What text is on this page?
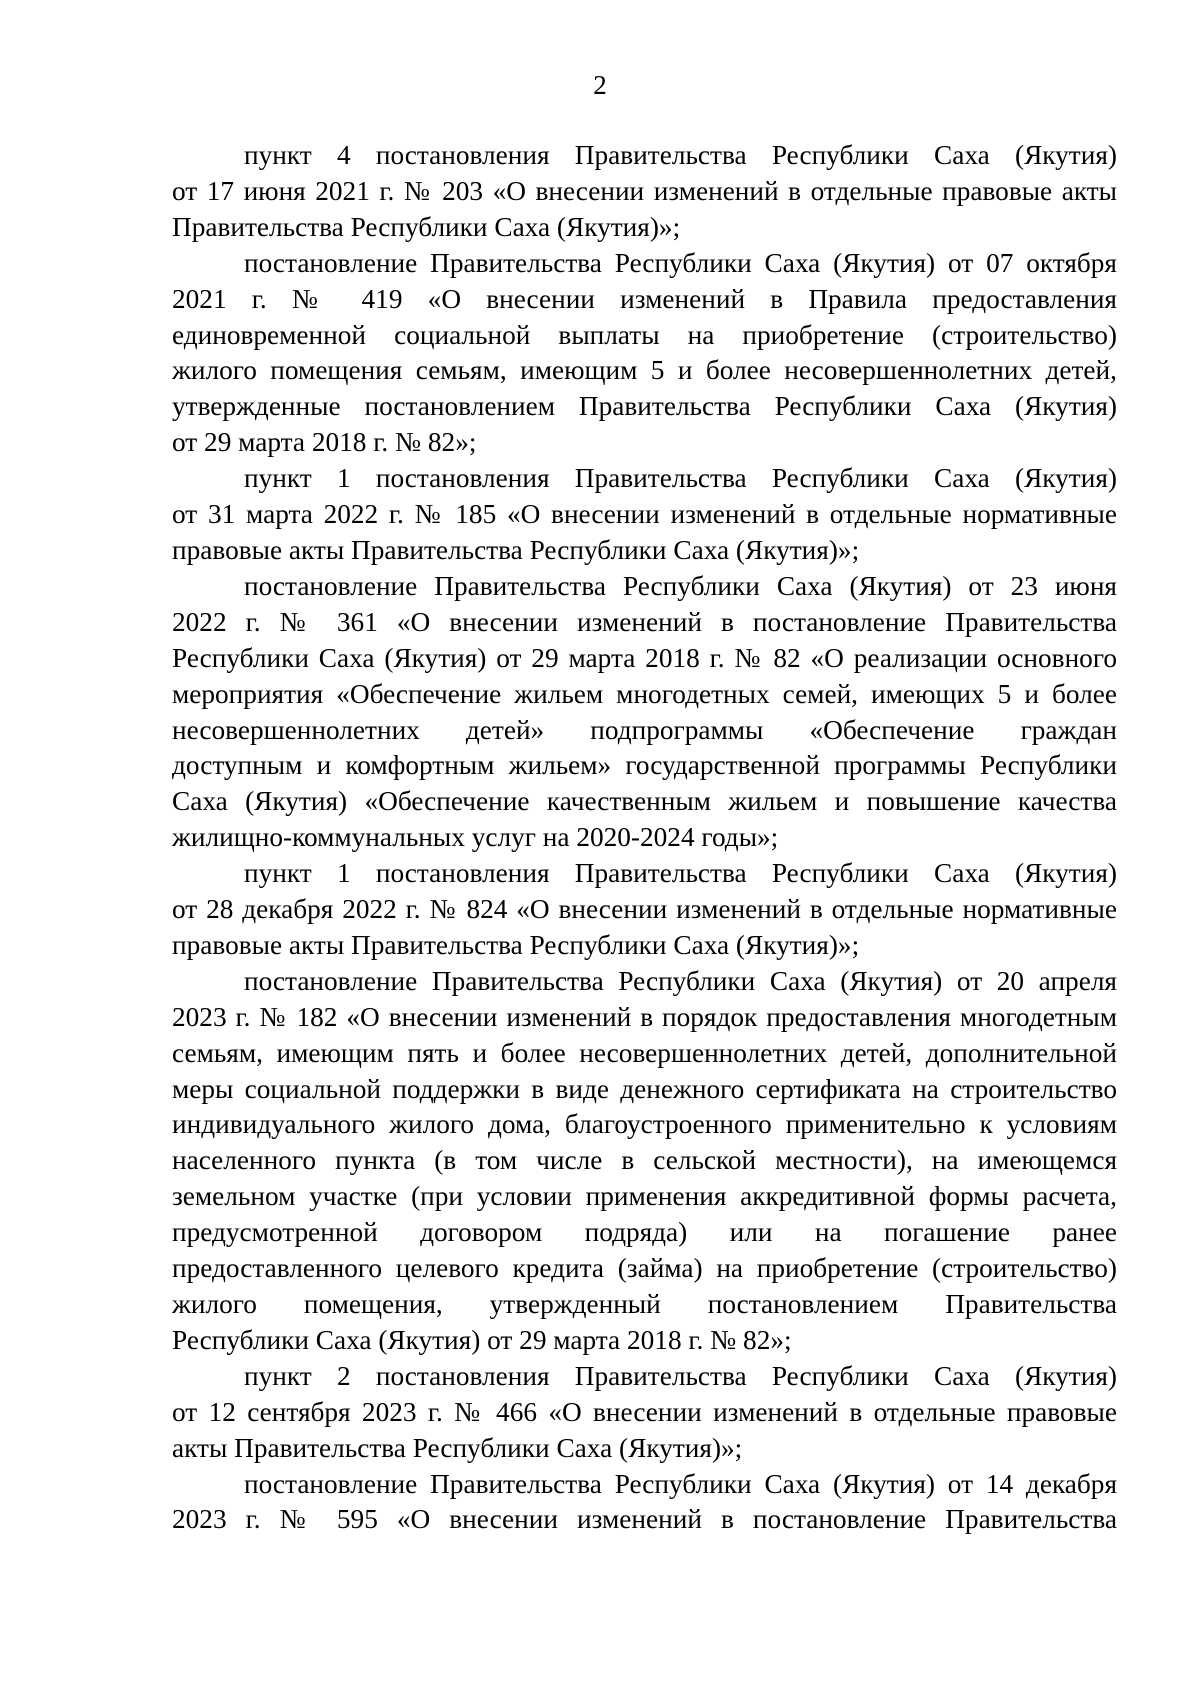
2
пункт 4 постановления Правительства Республики Саха (Якутия)
от 17 июня 2021 г. № 203 «О внесении изменений в отдельные правовые акты
Правительства Республики Саха (Якутия)»;
постановление Правительства Республики Саха (Якутия) от 07 октября
2021 г. № 419 «О внесении изменений в Правила предоставления
единовременной социальной выплаты на приобретение (строительство)
жилого помещения семьям, имеющим 5 и более несовершеннолетних детей,
утвержденные постановлением Правительства Республики Саха (Якутия)
от 29 марта 2018 г. № 82»;
пункт 1 постановления Правительства Республики Саха (Якутия)
от 31 марта 2022 г. № 185 «О внесении изменений в отдельные нормативные
правовые акты Правительства Республики Саха (Якутия)»;
постановление Правительства Республики Саха (Якутия) от 23 июня
2022 г. № 361 «О внесении изменений в постановление Правительства
Республики Саха (Якутия) от 29 марта 2018 г. № 82 «О реализации основного
мероприятия «Обеспечение жильем многодетных семей, имеющих 5 и более
несовершеннолетних детей» подпрограммы «Обеспечение граждан
доступным и комфортным жильем» государственной программы Республики
Саха (Якутия) «Обеспечение качественным жильем и повышение качества
жилищно-коммунальных услуг на 2020-2024 годы»;
пункт 1 постановления Правительства Республики Саха (Якутия)
от 28 декабря 2022 г. № 824 «О внесении изменений в отдельные нормативные
правовые акты Правительства Республики Саха (Якутия)»;
постановление Правительства Республики Саха (Якутия) от 20 апреля
2023 г. № 182 «О внесении изменений в порядок предоставления многодетным
семьям, имеющим пять и более несовершеннолетних детей, дополнительной
меры социальной поддержки в виде денежного сертификата на строительство
индивидуального жилого дома, благоустроенного применительно к условиям
населенного пункта (в том числе в сельской местности), на имеющемся
земельном участке (при условии применения аккредитивной формы расчета,
предусмотренной договором подряда) или на погашение ранее
предоставленного целевого кредита (займа) на приобретение (строительство)
жилого помещения, утвержденный постановлением Правительства
Республики Саха (Якутия) от 29 марта 2018 г. № 82»;
пункт 2 постановления Правительства Республики Саха (Якутия)
от 12 сентября 2023 г. № 466 «О внесении изменений в отдельные правовые
акты Правительства Республики Саха (Якутия)»;
постановление Правительства Республики Саха (Якутия) от 14 декабря
2023 г. № 595 «О внесении изменений в постановление Правительства
